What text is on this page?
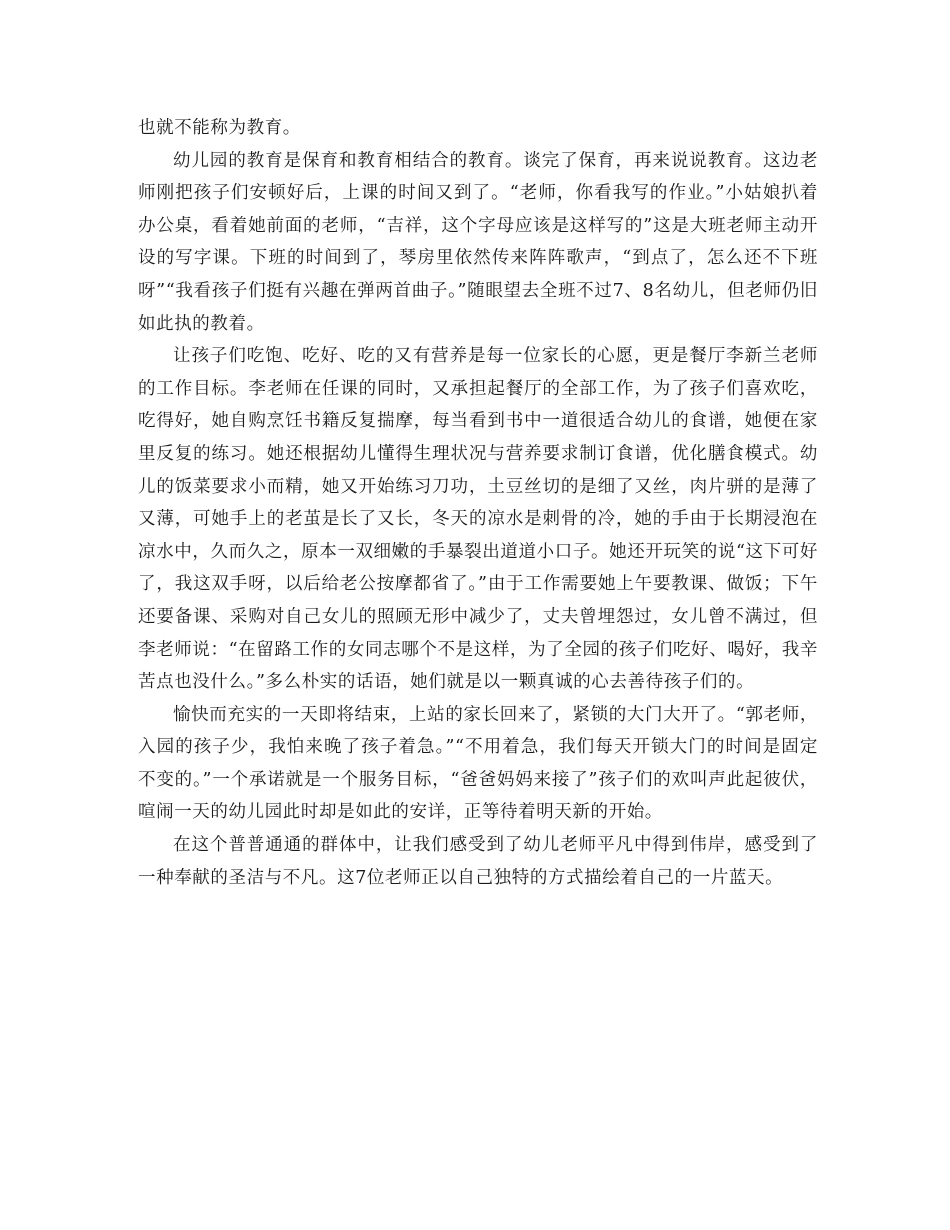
也就不能称为教育。

幼儿园的教育是保育和教育相结合的教育。谈完了保育，再来说说教育。这边老师刚把孩子们安顿好后，上课的时间又到了。“老师，你看我写的作业。”小姑娘扒着办公桌，看着她前面的老师，“吉祥，这个字母应该是这样写的”这是大班老师主动开设的写字课。下班的时间到了，琴房里依然传来阵阵歌声，“到点了，怎么还不下班呀”“我看孩子们挺有兴趣在弹两首曲子。”随眼望去全班不过7、8名幼儿，但老师仍旧如此执的教着。

让孩子们吃饱、吃好、吃的又有营养是每一位家长的心愿，更是餐厅李新兰老师的工作目标。李老师在任课的同时，又承担起餐厅的全部工作，为了孩子们喜欢吃，吃得好，她自购烹饪书籍反复揣摩，每当看到书中一道很适合幼儿的食谱，她便在家里反复的练习。她还根据幼儿懂得生理状况与营养要求制订食谱，优化膳食模式。幼儿的饭菜要求小而精，她又开始练习刀功，土豆丝切的是细了又丝，肉片骈的是薄了又薄，可她手上的老茧是长了又长，冬天的凉水是刺骨的冷，她的手由于长期浸泡在凉水中，久而久之，原本一双细嫩的手暴裂出道道小口子。她还开玩笑的说“这下可好了，我这双手呀，以后给老公按摩都省了。”由于工作需要她上午要教课、做饭；下午还要备课、采购对自己女儿的照顾无形中减少了，丈夫曾埋怨过，女儿曾不满过，但李老师说：“在留路工作的女同志哪个不是这样，为了全园的孩子们吃好、喝好，我辛苦点也没什么。”多么朴实的话语，她们就是以一颗真诚的心去善待孩子们的。

愉快而充实的一天即将结束，上站的家长回来了，紧锁的大门大开了。“郭老师，入园的孩子少，我怕来晚了孩子着急。”“不用着急，我们每天开锁大门的时间是固定不变的。”一个承诺就是一个服务目标，“爸爸妈妈来接了”孩子们的欢叫声此起彼伏，喧闹一天的幼儿园此时却是如此的安详，正等待着明天新的开始。

在这个普普通通的群体中，让我们感受到了幼儿老师平凡中得到伟岸，感受到了一种奉献的圣洁与不凡。这7位老师正以自己独特的方式描绘着自己的一片蓝天。
